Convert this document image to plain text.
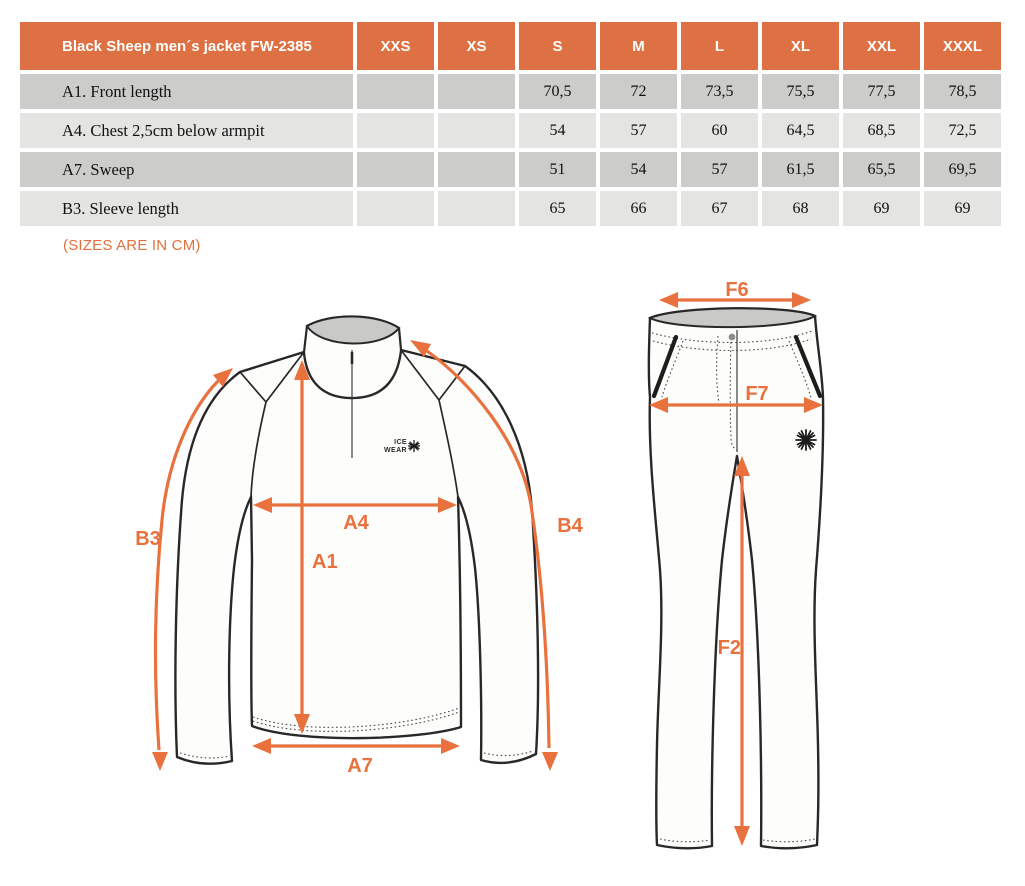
Black Sheep men´s jacket FW-2385	XXS	XS	S	M	L	XL	XXL	XXXL
A1. Front length			70,5	72	73,5	75,5	77,5	78,5
A4. Chest 2,5cm below armpit			54	57	60	64,5	68,5	72,5
A7. Sweep			51	54	57	61,5	65,5	69,5
B3. Sleeve length			65	66	67	68	69	69
(SIZES ARE IN CM)
ICE
WEAR
B3
B4
A4
A1
A7
F6
F7
F2
